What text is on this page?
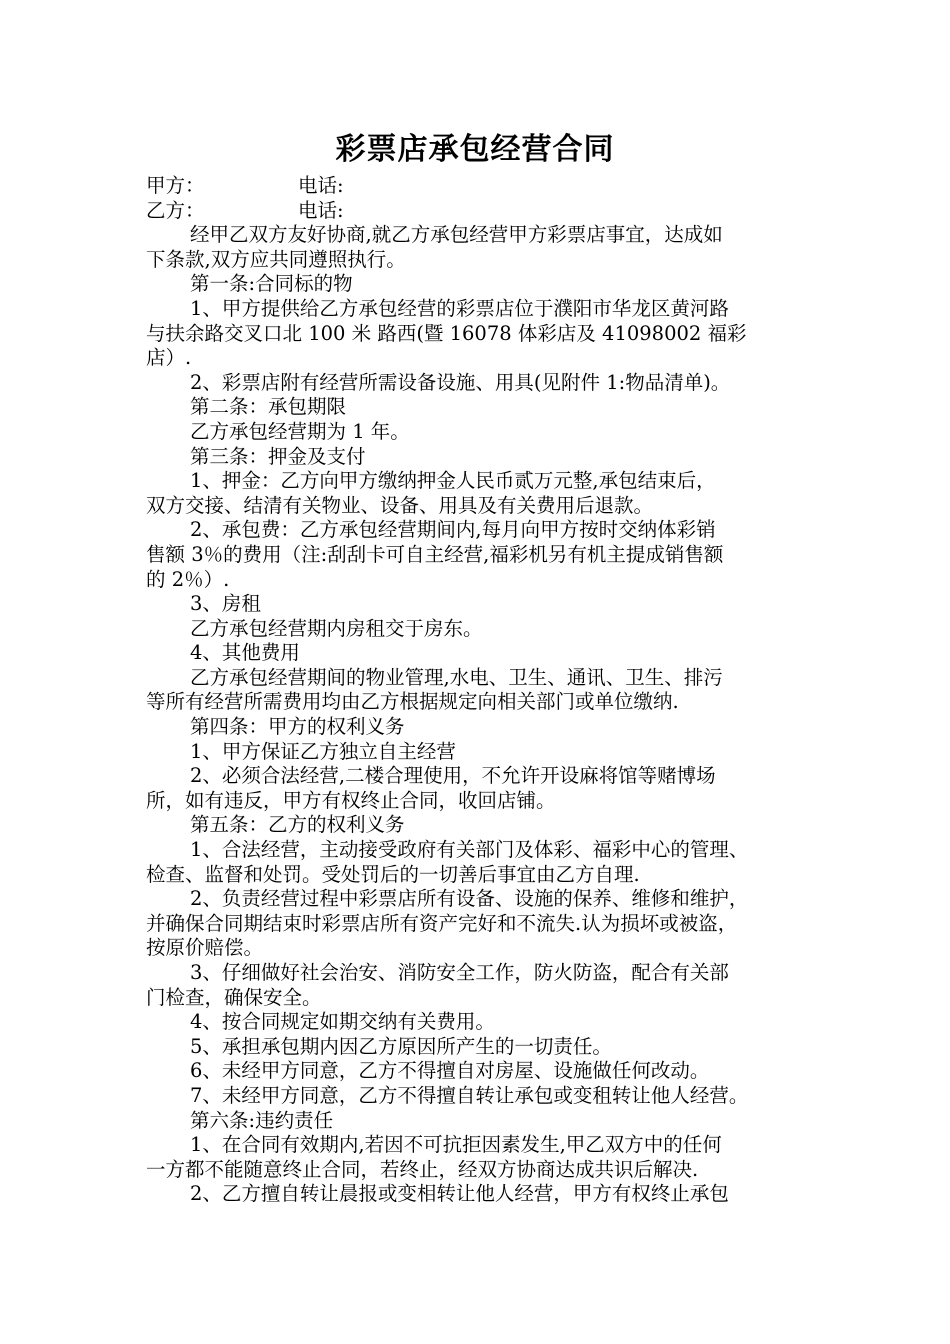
彩票店承包经营合同

甲方：	电话:

乙方：	电话:

经甲乙双方友好协商,就乙方承包经营甲方彩票店事宜，达成如

下条款,双方应共同遵照执行。

第一条:合同标的物

1、甲方提供给乙方承包经营的彩票店位于濮阳市华龙区黄河路

与扶余路交叉口北 100 米 路西(暨 16078 体彩店及 41098002 福彩

店）.

2、彩票店附有经营所需设备设施、用具(见附件 1:物品清单)。

第二条：承包期限

乙方承包经营期为 1 年。

第三条：押金及支付

1、押金：乙方向甲方缴纳押金人民币贰万元整,承包结束后，

双方交接、结清有关物业、设备、用具及有关费用后退款。

2、承包费：乙方承包经营期间内,每月向甲方按时交纳体彩销

售额 3％的费用（注:刮刮卡可自主经营,福彩机另有机主提成销售额

的 2％）.

3、房租

乙方承包经营期内房租交于房东。

4、其他费用

乙方承包经营期间的物业管理,水电、卫生、通讯、卫生、排污

等所有经营所需费用均由乙方根据规定向相关部门或单位缴纳.

第四条：甲方的权利义务

1、甲方保证乙方独立自主经营

2、必须合法经营,二楼合理使用，不允许开设麻将馆等赌博场

所，如有违反，甲方有权终止合同，收回店铺。

第五条：乙方的权利义务

1、合法经营，主动接受政府有关部门及体彩、福彩中心的管理、

检查、监督和处罚。受处罚后的一切善后事宜由乙方自理.

2、负责经营过程中彩票店所有设备、设施的保养、维修和维护，

并确保合同期结束时彩票店所有资产完好和不流失.认为损坏或被盗，

按原价赔偿。

3、仔细做好社会治安、消防安全工作，防火防盗，配合有关部

门检查，确保安全。

4、按合同规定如期交纳有关费用。

5、承担承包期内因乙方原因所产生的一切责任。

6、未经甲方同意，乙方不得擅自对房屋、设施做任何改动。

7、未经甲方同意，乙方不得擅自转让承包或变租转让他人经营。

第六条:违约责任

1、在合同有效期内,若因不可抗拒因素发生,甲乙双方中的任何

一方都不能随意终止合同，若终止，经双方协商达成共识后解决.

2、乙方擅自转让晨报或变相转让他人经营，甲方有权终止承包
